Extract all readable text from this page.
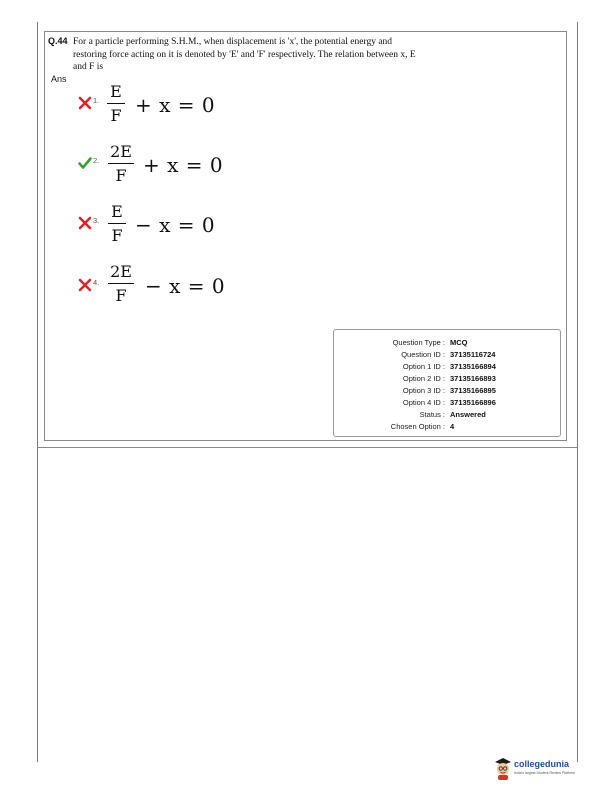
Q.44 For a particle performing S.H.M., when displacement is 'x', the potential energy and restoring force acting on it is denoted by 'E' and 'F' respectively. The relation between x, E and F is
Ans
1. E
F + x = 0
2. 2E
F + x = 0
3. E
F − x = 0
4.
2E
F − x = 0
Question Type : MCQ
Question ID : 37135116724
Option 1 ID : 37135166894
Option 2 ID : 37135166893
Option 3 ID : 37135166895
Option 4 ID : 37135166896
Status : Answered
Chosen Option : 4
collegedunia
India's largest Student Review Platform
